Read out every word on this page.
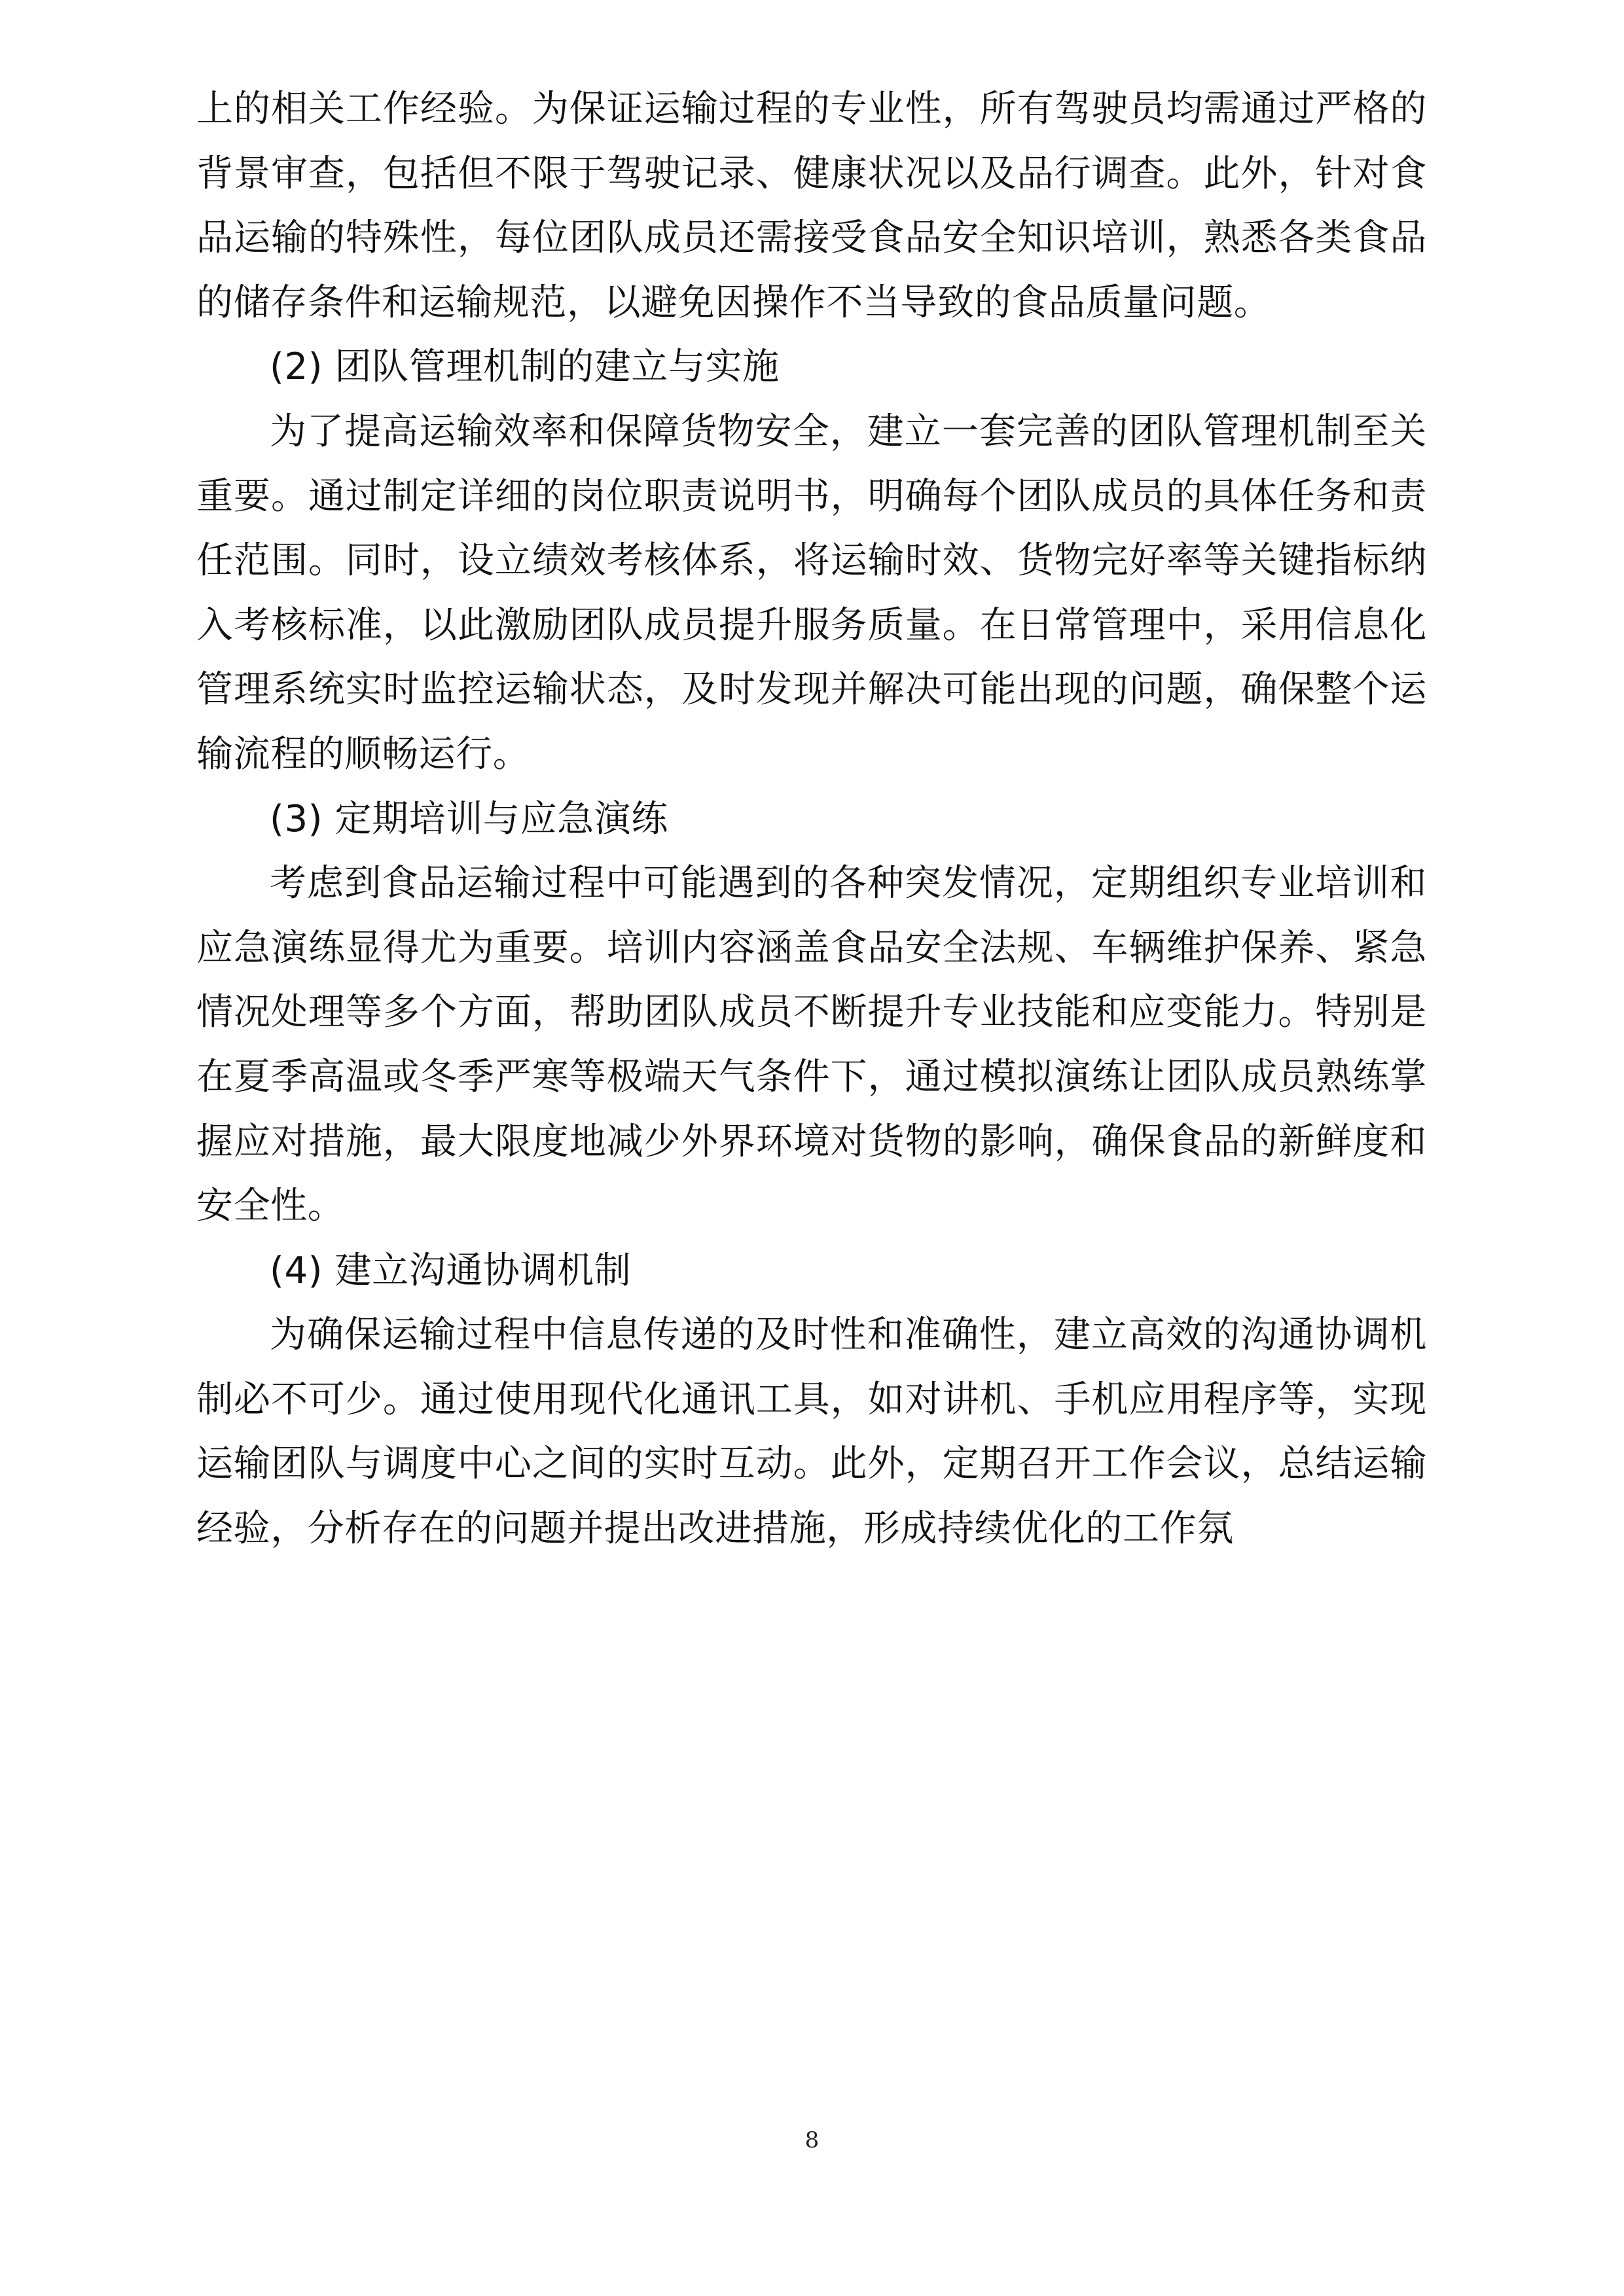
上的相关工作经验。为保证运输过程的专业性，所有驾驶员均需通过严格的背景审查，包括但不限于驾驶记录、健康状况以及品行调查。此外，针对食品运输的特殊性，每位团队成员还需接受食品安全知识培训，熟悉各类食品的储存条件和运输规范，以避免因操作不当导致的食品质量问题。

(2) 团队管理机制的建立与实施

为了提高运输效率和保障货物安全，建立一套完善的团队管理机制至关重要。通过制定详细的岗位职责说明书，明确每个团队成员的具体任务和责任范围。同时，设立绩效考核体系，将运输时效、货物完好率等关键指标纳入考核标准，以此激励团队成员提升服务质量。在日常管理中，采用信息化管理系统实时监控运输状态，及时发现并解决可能出现的问题，确保整个运输流程的顺畅运行。

(3) 定期培训与应急演练

考虑到食品运输过程中可能遇到的各种突发情况，定期组织专业培训和应急演练显得尤为重要。培训内容涵盖食品安全法规、车辆维护保养、紧急情况处理等多个方面，帮助团队成员不断提升专业技能和应变能力。特别是在夏季高温或冬季严寒等极端天气条件下，通过模拟演练让团队成员熟练掌握应对措施，最大限度地减少外界环境对货物的影响，确保食品的新鲜度和安全性。

(4) 建立沟通协调机制

为确保运输过程中信息传递的及时性和准确性，建立高效的沟通协调机制必不可少。通过使用现代化通讯工具，如对讲机、手机应用程序等，实现运输团队与调度中心之间的实时互动。此外，定期召开工作会议，总结运输经验，分析存在的问题并提出改进措施，形成持续优化的工作氛

8
